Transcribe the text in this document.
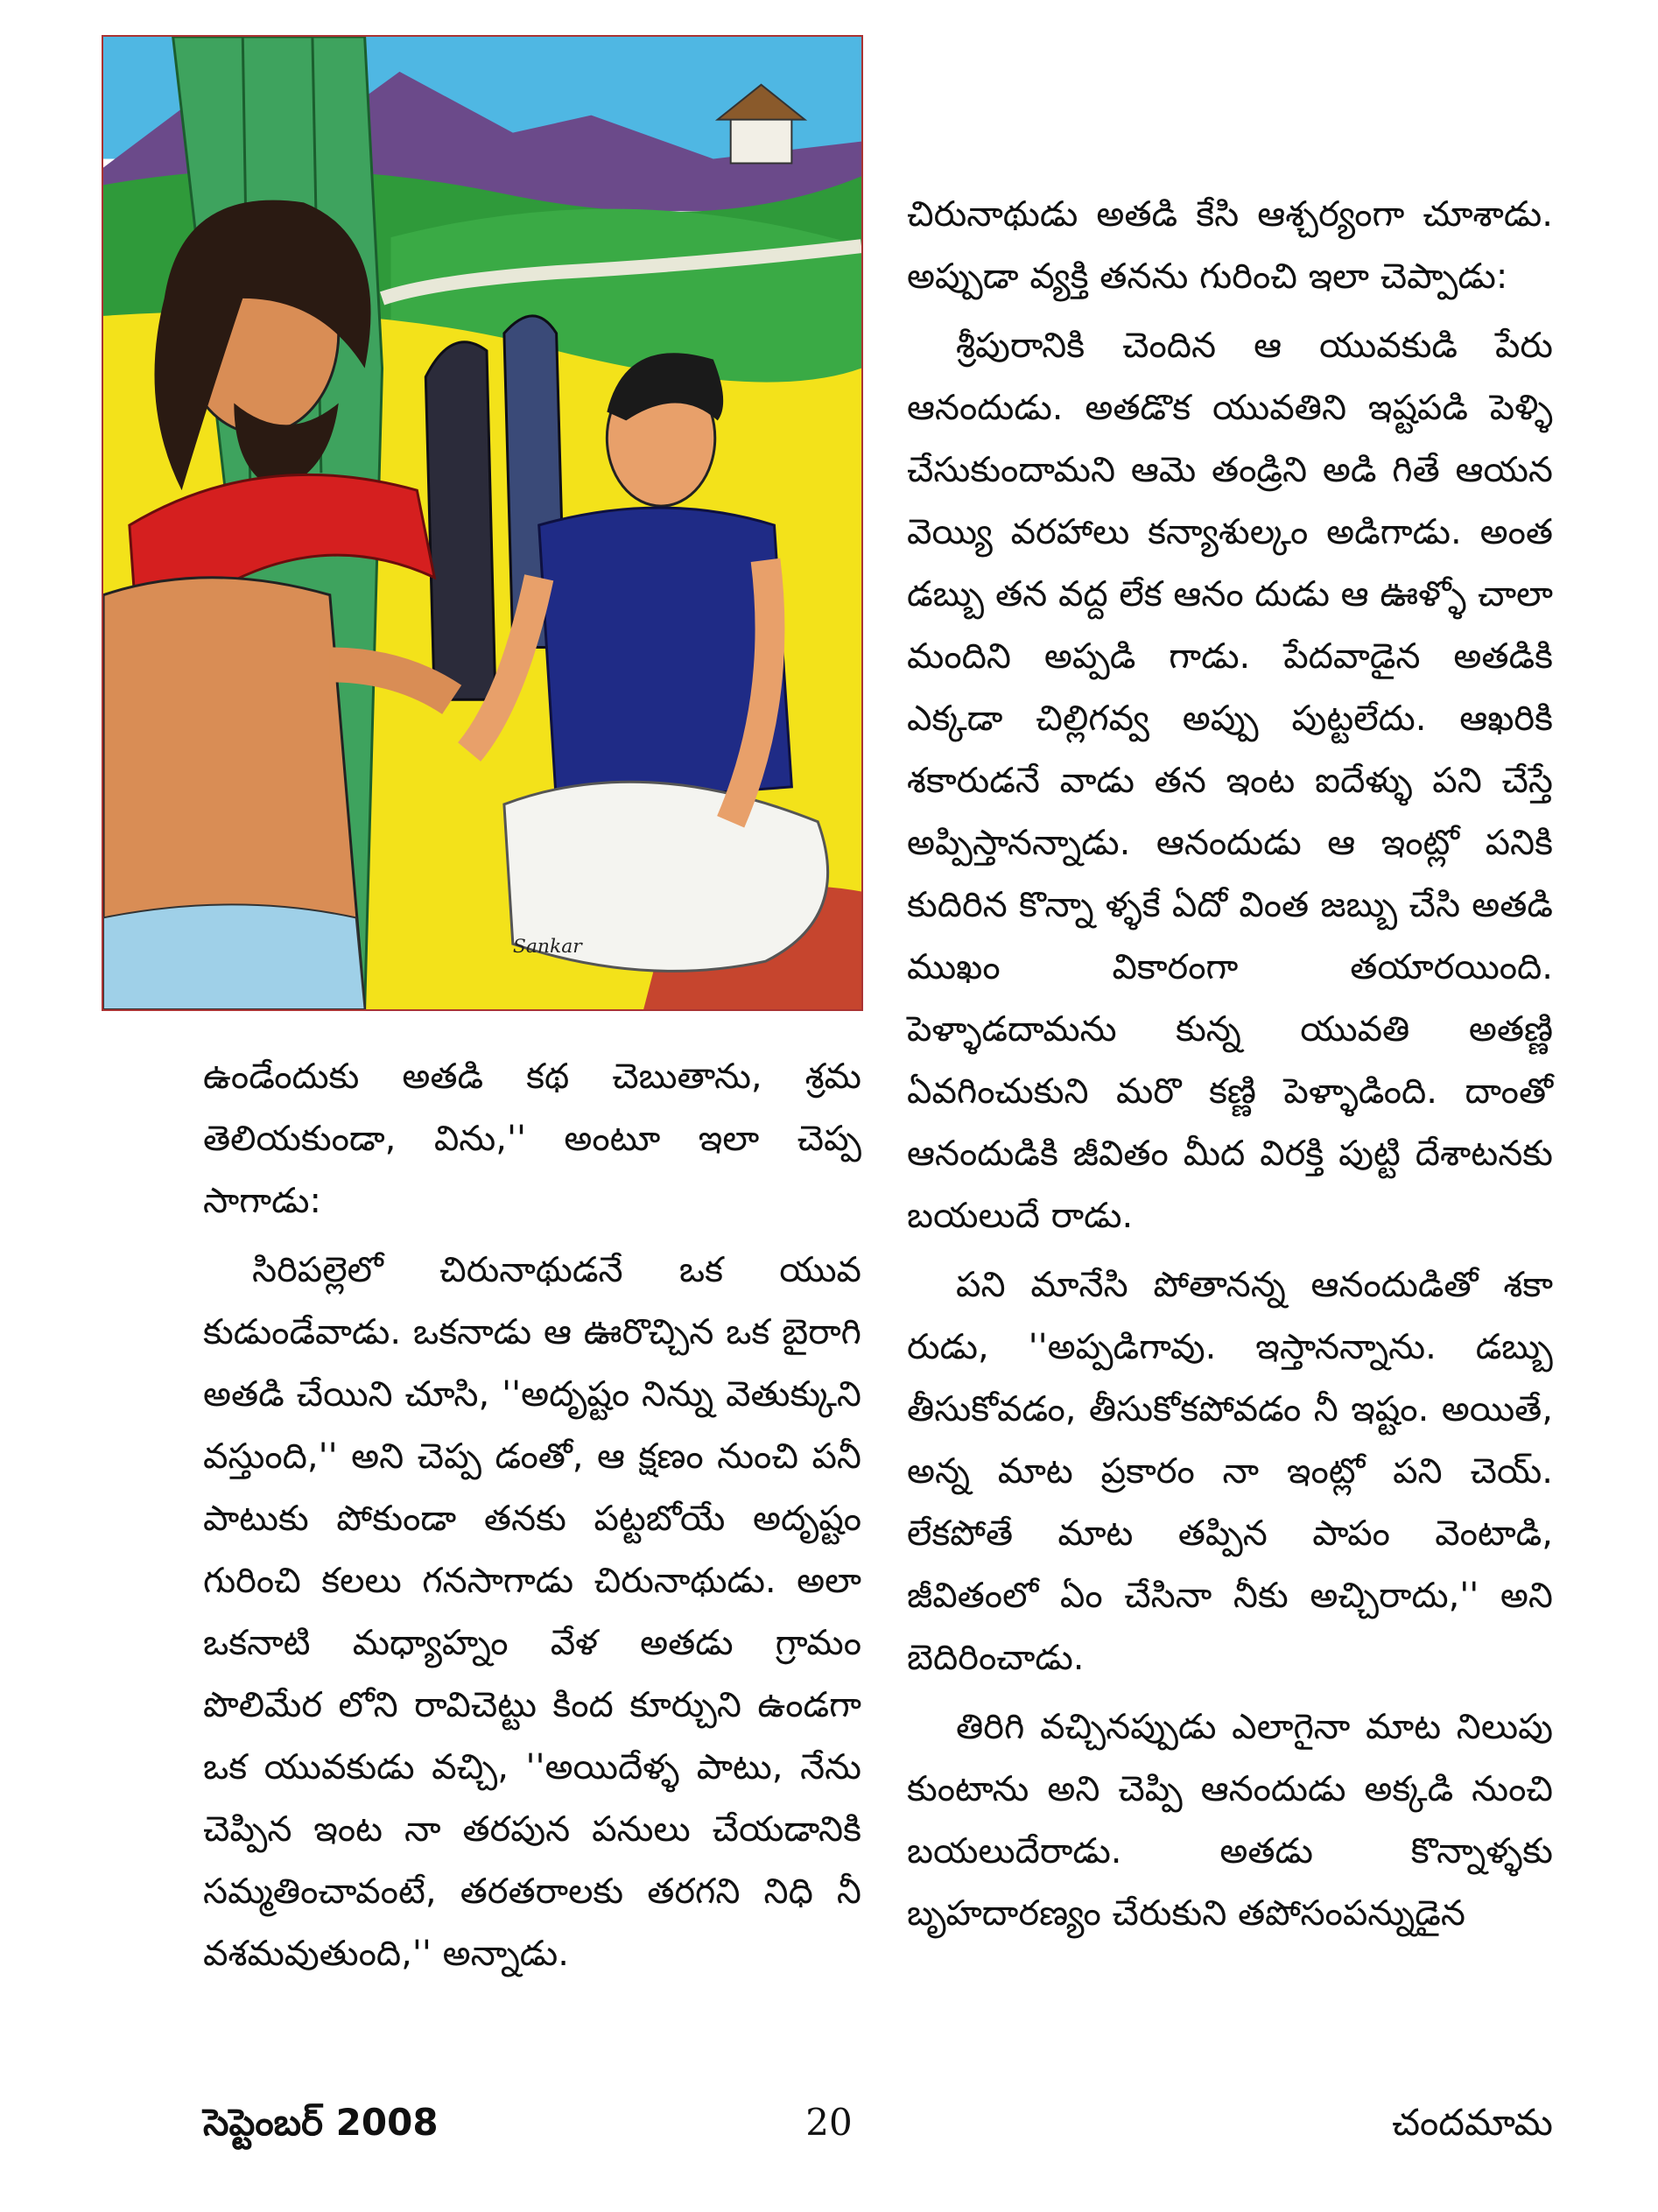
Sankar

ఉండేందుకు అతడి కథ చెబుతాను, శ్రమ తెలియకుండా, విను,'' అంటూ ఇలా చెప్ప సాగాడు:

సిరిపల్లెలో చిరునాథుడనే ఒక యువ కుడుండేవాడు. ఒకనాడు ఆ ఊరొచ్చిన ఒక బైరాగి అతడి చేయిని చూసి, ''అదృష్టం నిన్ను వెతుక్కుని వస్తుంది,'' అని చెప్ప డంతో, ఆ క్షణం నుంచి పనీ పాటుకు పోకుండా తనకు పట్టబోయే అదృష్టం గురించి కలలు గనసాగాడు చిరునాథుడు. అలా ఒకనాటి మధ్యాహ్నం వేళ అతడు గ్రామం పొలిమేర లోని రావిచెట్టు కింద కూర్చుని ఉండగా ఒక యువకుడు వచ్చి, ''అయిదేళ్ళ పాటు, నేను చెప్పిన ఇంట నా తరపున పనులు చేయడానికి సమ్మతించావంటే, తరతరాలకు తరగని నిధి నీ వశమవుతుంది,'' అన్నాడు.

చిరునాథుడు అతడి కేసి ఆశ్చర్యంగా చూశాడు. అప్పుడా వ్యక్తి తనను గురించి ఇలా చెప్పాడు:

శ్రీపురానికి చెందిన ఆ యువకుడి పేరు ఆనందుడు. అతడొక యువతిని ఇష్టపడి పెళ్ళి చేసుకుందామని ఆమె తండ్రిని అడి గితే ఆయన వెయ్యి వరహాలు కన్యాశుల్కం అడిగాడు. అంత డబ్బు తన వద్ద లేక ఆనం దుడు ఆ ఊళ్ళో చాలా మందిని అప్పడి గాడు. పేదవాడైన అతడికి ఎక్కడా చిల్లిగవ్వ అప్పు పుట్టలేదు. ఆఖరికి శకారుడనే వాడు తన ఇంట ఐదేళ్ళు పని చేస్తే అప్పిస్తానన్నాడు. ఆనందుడు ఆ ఇంట్లో పనికి కుదిరిన కొన్నా ళ్ళకే ఏదో వింత జబ్బు చేసి అతడి ముఖం వికారంగా తయారయింది. పెళ్ళాడదామను కున్న యువతి అతణ్ణి ఏవగించుకుని మరొ కణ్ణి పెళ్ళాడింది. దాంతో ఆనందుడికి జీవితం మీద విరక్తి పుట్టి దేశాటనకు బయలుదే రాడు.

పని మానేసి పోతానన్న ఆనందుడితో శకా రుడు, ''అప్పడిగావు. ఇస్తానన్నాను. డబ్బు తీసుకోవడం, తీసుకోకపోవడం నీ ఇష్టం. అయితే, అన్న మాట ప్రకారం నా ఇంట్లో పని చెయ్. లేకపోతే మాట తప్పిన పాపం వెంటాడి, జీవితంలో ఏం చేసినా నీకు అచ్చిరాదు,'' అని బెదిరించాడు.

తిరిగి వచ్చినప్పుడు ఎలాగైనా మాట నిలుపు కుంటాను అని చెప్పి ఆనందుడు అక్కడి నుంచి బయలుదేరాడు. అతడు కొన్నాళ్ళకు బృహదారణ్యం చేరుకుని తపోసంపన్నుడైన

20
సెప్టెంబర్ 2008	చందమామ
